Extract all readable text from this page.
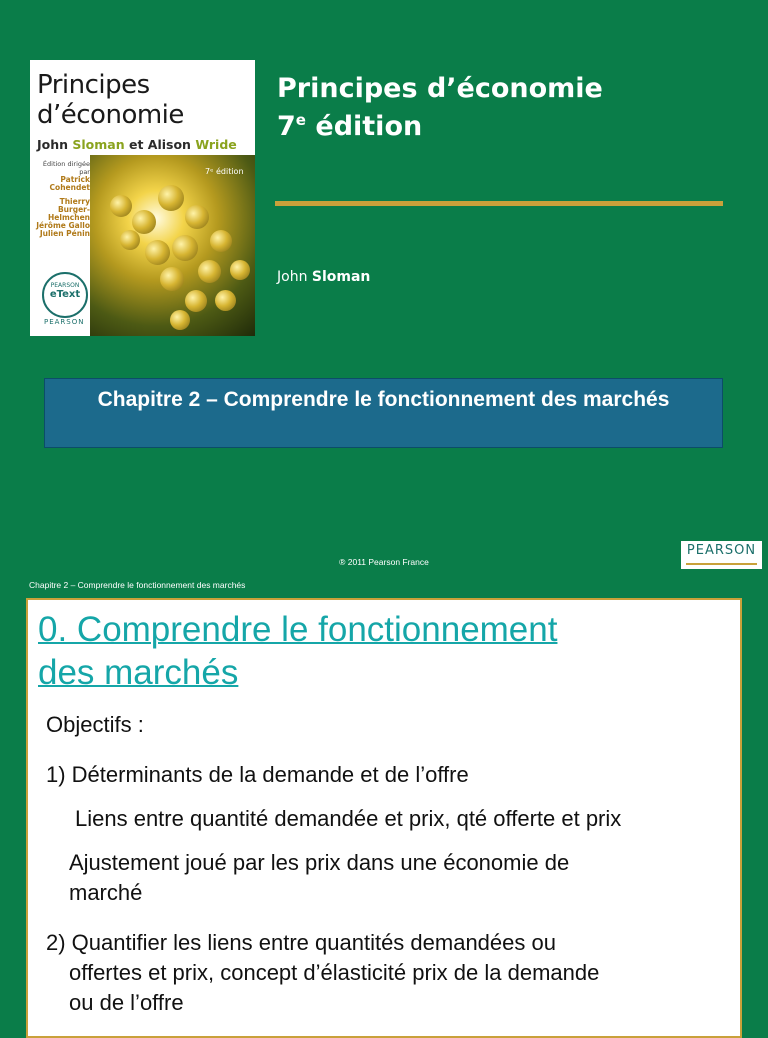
Principes
d’économie
John Sloman et Alison Wride
7ᵉ édition
Édition dirigée par
Patrick Cohendet
Thierry Burger-Helmchen
Jérôme Gallo
Julien Pénin
PEARSON
eText
PEARSON
Principes d’économie
7e édition
John Sloman
Chapitre 2 – Comprendre le fonctionnement des marchés
® 2011 Pearson France
PEARSON
Chapitre 2 – Comprendre le fonctionnement des marchés
0. Comprendre le fonctionnement
des marchés
Objectifs :
1) Déterminants de la demande et de l’offre
Liens entre quantité demandée et prix, qté offerte et prix
Ajustement joué par les prix dans une économie de
marché
2) Quantifier les liens entre quantités demandées ou
offertes et prix, concept d’élasticité prix de la demande
ou de l’offre
